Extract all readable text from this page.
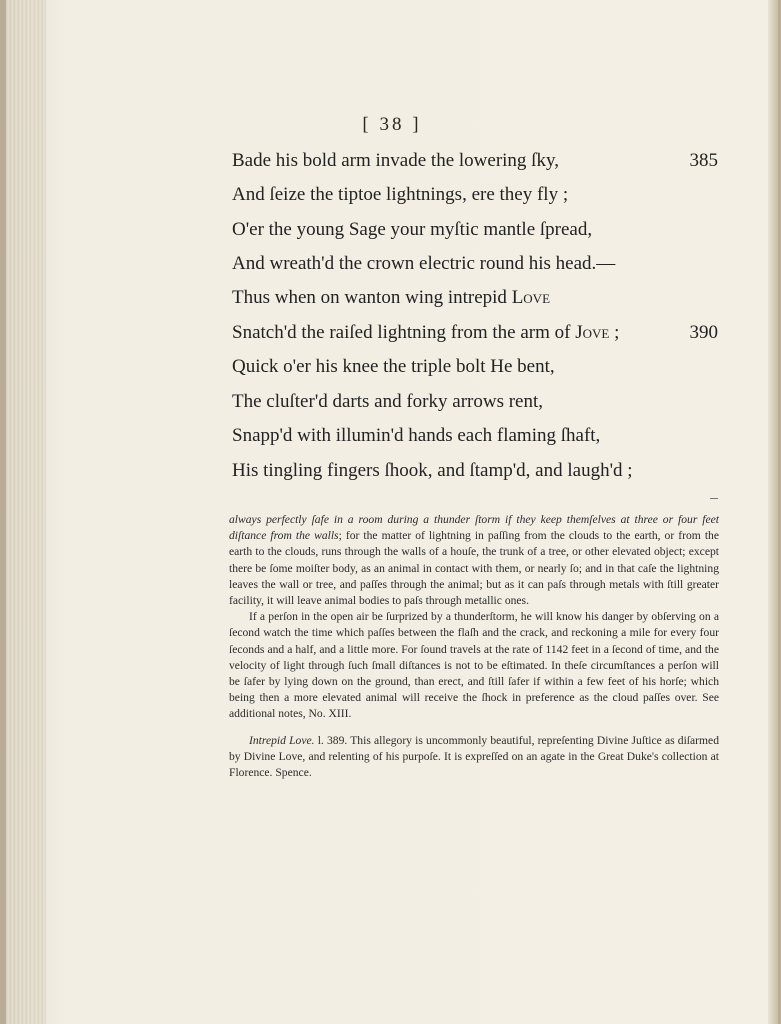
[ 38 ]
Bade his bold arm invade the lowering ſky,	385
And ſeize the tiptoe lightnings, ere they fly ;
O'er the young Sage your myſtic mantle ſpread,
And wreath'd the crown electric round his head.—
Thus when on wanton wing intrepid Love
Snatch'd the raiſed lightning from the arm of Jove ;	390
Quick o'er his knee the triple bolt He bent,
The cluſter'd darts and forky arrows rent,
Snapp'd with illumin'd hands each flaming ſhaft,
His tingling fingers ſhook, and ſtamp'd, and laugh'd ;

always perfectly ſafe in a room during a thunder ſtorm if they keep themſelves at three or four feet diſtance from the walls; for the matter of lightning in paſſing from the clouds to the earth, or from the earth to the clouds, runs through the walls of a houſe, the trunk of a tree, or other elevated object; except there be ſome moiſter body, as an animal in contact with them, or nearly ſo; and in that caſe the lightning leaves the wall or tree, and paſſes through the animal; but as it can paſs through metals with ſtill greater facility, it will leave animal bodies to paſs through metallic ones.

If a perſon in the open air be ſurprized by a thunderſtorm, he will know his danger by obſerving on a ſecond watch the time which paſſes between the flaſh and the crack, and reckoning a mile for every four ſeconds and a half, and a little more. For ſound travels at the rate of 1142 feet in a ſecond of time, and the velocity of light through ſuch ſmall diſtances is not to be eſtimated. In theſe circumſtances a perſon will be ſafer by lying down on the ground, than erect, and ſtill ſafer if within a few feet of his horſe; which being then a more elevated animal will receive the ſhock in preference as the cloud paſſes over. See additional notes, No. XIII.

Intrepid Love. l. 389. This allegory is uncommonly beautiful, repreſenting Divine Juſtice as diſarmed by Divine Love, and relenting of his purpoſe. It is expreſſed on an agate in the Great Duke's collection at Florence. Spence.
